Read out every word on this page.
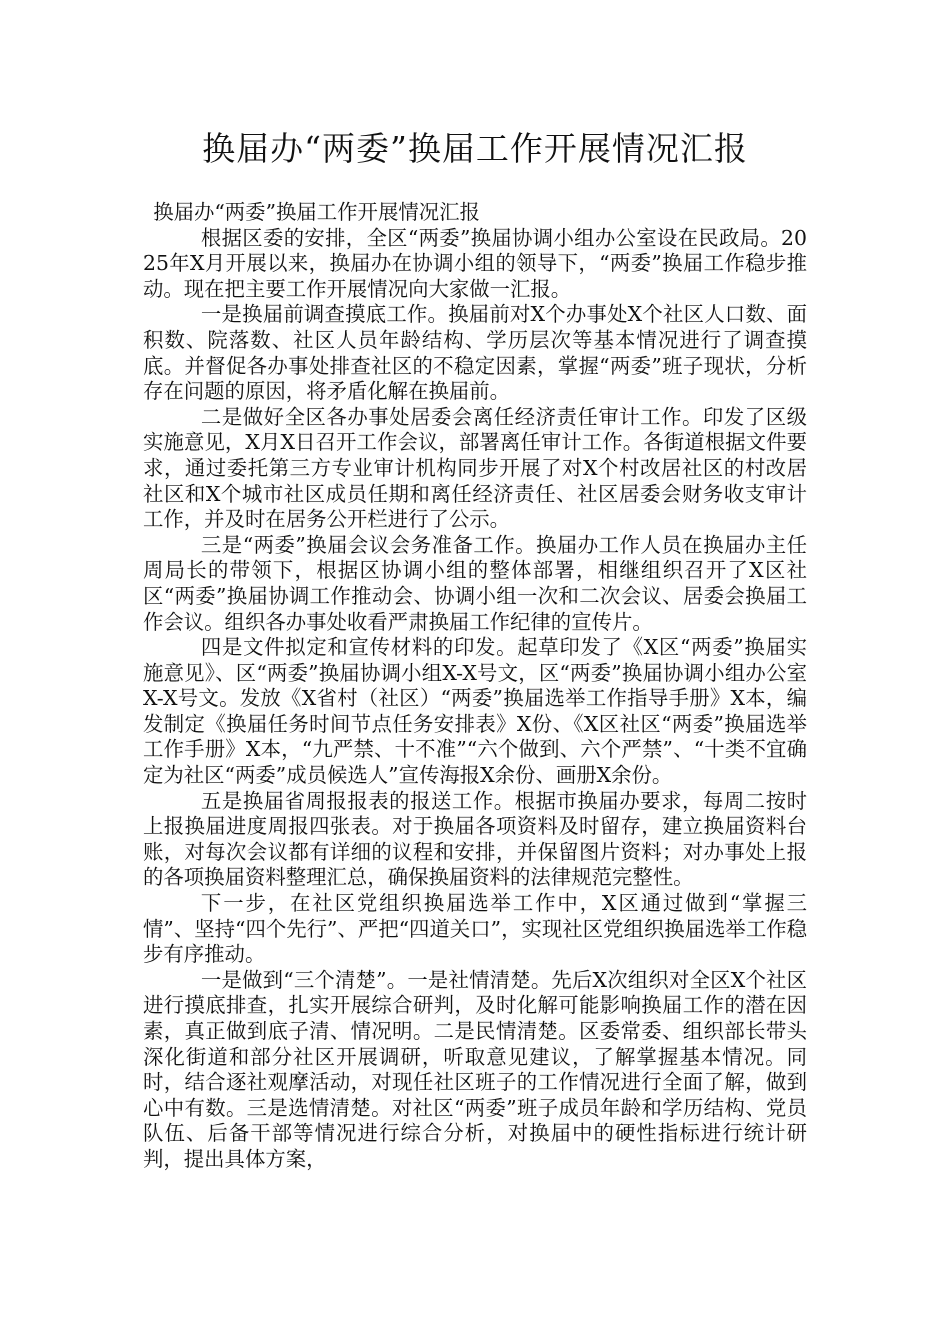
换届办“两委”换届工作开展情况汇报

换届办“两委”换届工作开展情况汇报

根据区委的安排，全区“两委”换届协调小组办公室设在民政局。2025年X月开展以来，换届办在协调小组的领导下，“两委”换届工作稳步推动。现在把主要工作开展情况向大家做一汇报。

一是换届前调查摸底工作。换届前对X个办事处X个社区人口数、面积数、院落数、社区人员年龄结构、学历层次等基本情况进行了调查摸底。并督促各办事处排查社区的不稳定因素，掌握“两委”班子现状，分析存在问题的原因，将矛盾化解在换届前。

二是做好全区各办事处居委会离任经济责任审计工作。印发了区级实施意见，X月X日召开工作会议，部署离任审计工作。各街道根据文件要求，通过委托第三方专业审计机构同步开展了对X个村改居社区的村改居社区和X个城市社区成员任期和离任经济责任、社区居委会财务收支审计工作，并及时在居务公开栏进行了公示。

三是“两委”换届会议会务准备工作。换届办工作人员在换届办主任周局长的带领下，根据区协调小组的整体部署，相继组织召开了X区社区“两委”换届协调工作推动会、协调小组一次和二次会议、居委会换届工作会议。组织各办事处收看严肃换届工作纪律的宣传片。

四是文件拟定和宣传材料的印发。起草印发了《X区“两委”换届实施意见》、区“两委”换届协调小组X-X号文，区“两委”换届协调小组办公室X-X号文。发放《X省村（社区）“两委”换届选举工作指导手册》X本，编发制定《换届任务时间节点任务安排表》X份、《X区社区“两委”换届选举工作手册》X本，“九严禁、十不准”“六个做到、六个严禁”、“十类不宜确定为社区“两委”成员候选人”宣传海报X余份、画册X余份。

五是换届省周报报表的报送工作。根据市换届办要求，每周二按时上报换届进度周报四张表。对于换届各项资料及时留存，建立换届资料台账，对每次会议都有详细的议程和安排，并保留图片资料；对办事处上报的各项换届资料整理汇总，确保换届资料的法律规范完整性。

下一步，在社区党组织换届选举工作中，X区通过做到“掌握三情”、坚持“四个先行”、严把“四道关口”，实现社区党组织换届选举工作稳步有序推动。

一是做到“三个清楚”。一是社情清楚。先后X次组织对全区X个社区进行摸底排查，扎实开展综合研判，及时化解可能影响换届工作的潜在因素，真正做到底子清、情况明。二是民情清楚。区委常委、组织部长带头深化街道和部分社区开展调研，听取意见建议，了解掌握基本情况。同时，结合逐社观摩活动，对现任社区班子的工作情况进行全面了解，做到心中有数。三是选情清楚。对社区“两委”班子成员年龄和学历结构、党员队伍、后备干部等情况进行综合分析，对换届中的硬性指标进行统计研判，提出具体方案，
